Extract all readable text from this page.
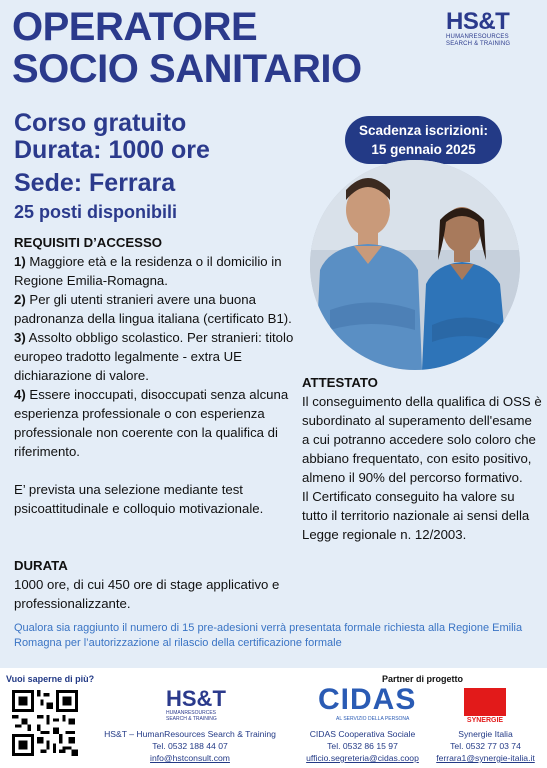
OPERATORE
SOCIO SANITARIO
HS&T
HUMANRESOURCES
SEARCH & TRAINING
Corso gratuito
Durata: 1000 ore
Sede: Ferrara
25 posti disponibili
Scadenza iscrizioni:
15 gennaio 2025
REQUISITI D’ACCESSO

1) Maggiore età e la residenza o il domicilio in Regione Emilia-Romagna.

2) Per gli utenti stranieri avere una buona padronanza della lingua italiana (certificato B1).

3) Assolto obbligo scolastico. Per stranieri: titolo europeo tradotto legalmente - extra UE dichiarazione di valore.

4) Essere inoccupati, disoccupati senza alcuna esperienza professionale o con esperienza professionale non coerente con la qualifica di riferimento.

E’ prevista una selezione mediante test psicoattitudinale e colloquio motivazionale.

ATTESTATO

Il conseguimento della qualifica di OSS è subordinato al superamento dell'esame a cui potranno accedere solo coloro che abbiano frequentato, con esito positivo, almeno il 90% del percorso formativo.

Il Certificato conseguito ha valore su tutto il territorio nazionale ai sensi della Legge regionale n. 12/2003.

DURATA

1000 ore, di cui 450 ore di stage applicativo e professionalizzante.

Qualora sia raggiunto il numero di 15 pre-adesioni verrà presentata formale richiesta alla Regione Emilia Romagna per l’autorizzazione al rilascio della certificazione formale
Vuoi saperne di più?	Partner di progetto
HS&T
HUMANRESOURCES
SEARCH & TRAINING
HS&T – HumanResources Search & Training
Tel. 0532 188 44 07
info@hstconsult.com
CIDAS
AL SERVIZIO DELLA PERSONA
CIDAS Cooperativa Sociale
Tel. 0532 86 15 97
ufficio.segreteria@cidas.coop
SYNERGIE
Synergie Italia
Tel. 0532 77 03 74
ferrara1@synergie-italia.it
